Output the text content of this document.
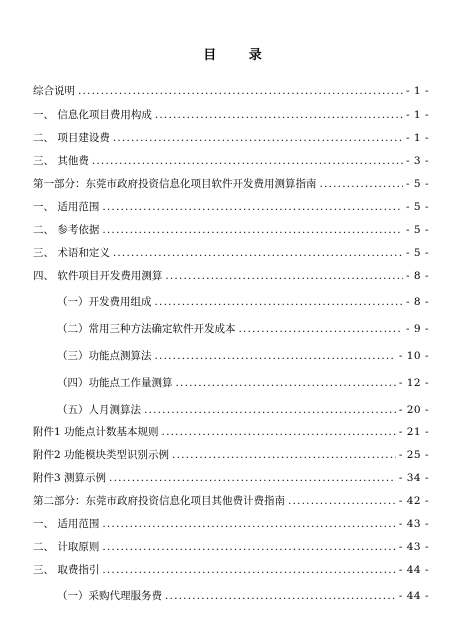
目 录
综合说明 .....	- 1 -
一、 信息化项目费用构成 .....	- 1 -
二、 项目建设费 .....	- 1 -
三、 其他费 .....	- 3 -
第一部分：东莞市政府投资信息化项目软件开发费用测算指南 .....	- 5 -
一、 适用范围 .....	- 5 -
二、 参考依据 .....	- 5 -
三、 术语和定义 .....	- 5 -
四、 软件项目开发费用测算 .....	- 8 -
（一）开发费用组成 .....	- 8 -
（二）常用三种方法确定软件开发成本 .....	- 9 -
（三）功能点测算法 .....	- 10 -
（四）功能点工作量测算 .....	- 12 -
（五）人月测算法 .....	- 20 -
附件1 功能点计数基本规则 .....	- 21 -
附件2 功能模块类型识别示例 .....	- 25 -
附件3 测算示例 .....	- 34 -
第二部分：东莞市政府投资信息化项目其他费计费指南 .....	- 42 -
一、 适用范围 .....	- 43 -
二、 计取原则 .....	- 43 -
三、 取费指引 .....	- 44 -
（一）采购代理服务费 .....	- 44 -
